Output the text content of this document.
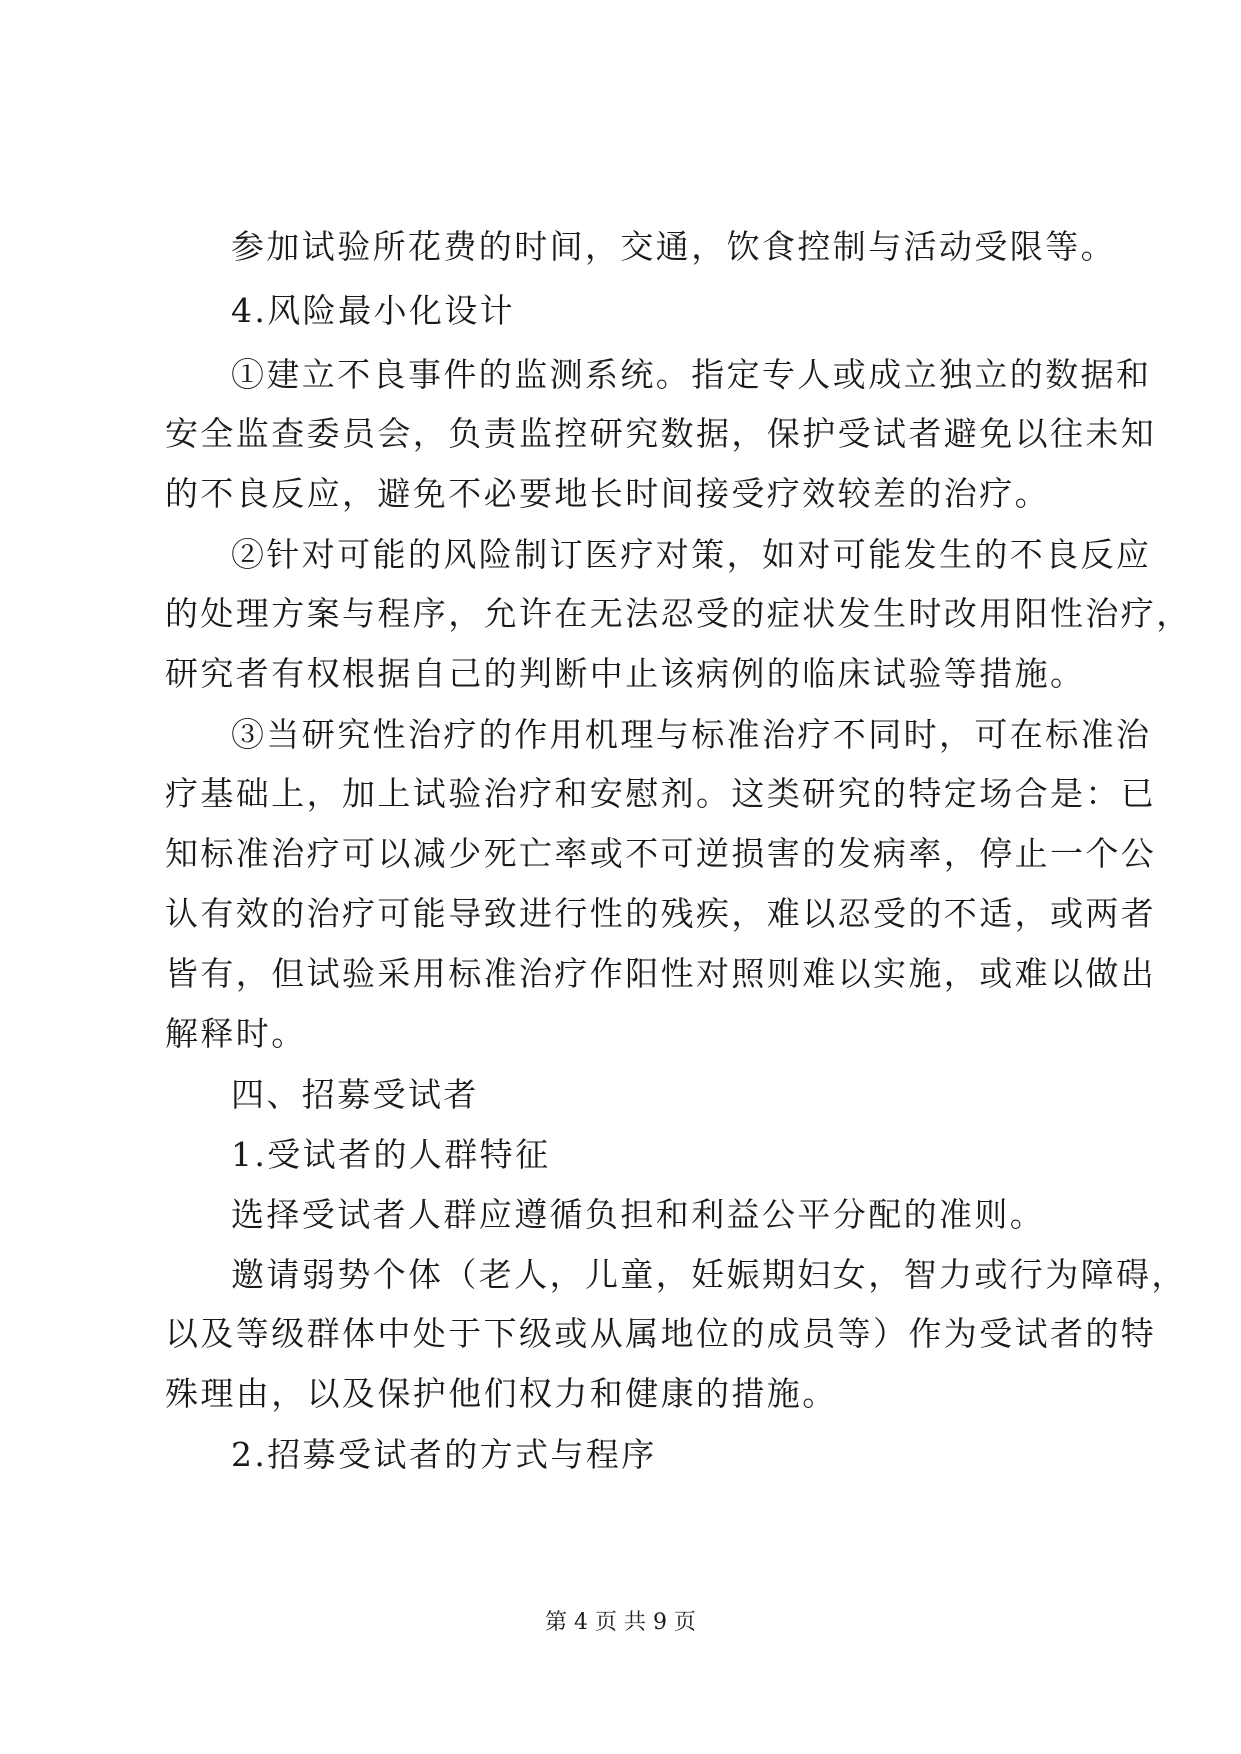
参加试验所花费的时间，交通，饮食控制与活动受限等。
4.风险最小化设计
①建立不良事件的监测系统。指定专人或成立独立的数据和
安全监查委员会，负责监控研究数据，保护受试者避免以往未知
的不良反应，避免不必要地长时间接受疗效较差的治疗。
②针对可能的风险制订医疗对策，如对可能发生的不良反应
的处理方案与程序，允许在无法忍受的症状发生时改用阳性治疗，
研究者有权根据自己的判断中止该病例的临床试验等措施。
③当研究性治疗的作用机理与标准治疗不同时，可在标准治
疗基础上，加上试验治疗和安慰剂。这类研究的特定场合是：已
知标准治疗可以减少死亡率或不可逆损害的发病率，停止一个公
认有效的治疗可能导致进行性的残疾，难以忍受的不适，或两者
皆有，但试验采用标准治疗作阳性对照则难以实施，或难以做出
解释时。
四、招募受试者
1.受试者的人群特征
选择受试者人群应遵循负担和利益公平分配的准则。
邀请弱势个体（老人，儿童，妊娠期妇女，智力或行为障碍，
以及等级群体中处于下级或从属地位的成员等）作为受试者的特
殊理由，以及保护他们权力和健康的措施。
2.招募受试者的方式与程序
第 4 页 共 9 页
